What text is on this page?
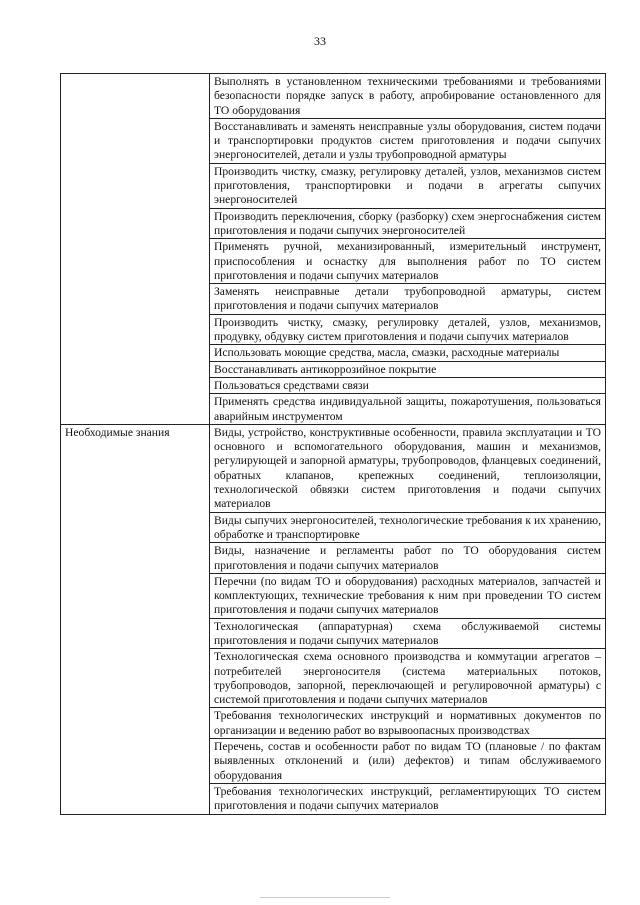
33
	Выполнять в установленном техническими требованиями и требованиями безопасности порядке запуск в работу, апробирование остановленного для ТО оборудования
	Восстанавливать и заменять неисправные узлы оборудования, систем подачи и транспортировки продуктов систем приготовления и подачи сыпучих энергоносителей, детали и узлы трубопроводной арматуры
	Производить чистку, смазку, регулировку деталей, узлов, механизмов систем приготовления, транспортировки и подачи в агрегаты сыпучих энергоносителей
	Производить переключения, сборку (разборку) схем энергоснабжения систем приготовления и подачи сыпучих энергоносителей
	Применять ручной, механизированный, измерительный инструмент, приспособления и оснастку для выполнения работ по ТО систем приготовления и подачи сыпучих материалов
	Заменять неисправные детали трубопроводной арматуры, систем приготовления и подачи сыпучих материалов
	Производить чистку, смазку, регулировку деталей, узлов, механизмов, продувку, обдувку систем приготовления и подачи сыпучих материалов
	Использовать моющие средства, масла, смазки, расходные материалы
	Восстанавливать антикоррозийное покрытие
	Пользоваться средствами связи
	Применять средства индивидуальной защиты, пожаротушения, пользоваться аварийным инструментом
Необходимые знания	Виды, устройство, конструктивные особенности, правила эксплуатации и ТО основного и вспомогательного оборудования, машин и механизмов, регулирующей и запорной арматуры, трубопроводов, фланцевых соединений, обратных клапанов, крепежных соединений, теплоизоляции, технологической обвязки систем приготовления и подачи сыпучих материалов
	Виды сыпучих энергоносителей, технологические требования к их хранению, обработке и транспортировке
	Виды, назначение и регламенты работ по ТО оборудования систем приготовления и подачи сыпучих материалов
	Перечни (по видам ТО и оборудования) расходных материалов, запчастей и комплектующих, технические требования к ним при проведении ТО систем приготовления и подачи сыпучих материалов
	Технологическая (аппаратурная) схема обслуживаемой системы приготовления и подачи сыпучих материалов
	Технологическая схема основного производства и коммутации агрегатов – потребителей энергоносителя (система материальных потоков, трубопроводов, запорной, переключающей и регулировочной арматуры) с системой приготовления и подачи сыпучих материалов
	Требования технологических инструкций и нормативных документов по организации и ведению работ во взрывоопасных производствах
	Перечень, состав и особенности работ по видам ТО (плановые / по фактам выявленных отклонений и (или) дефектов) и типам обслуживаемого оборудования
	Требования технологических инструкций, регламентирующих ТО систем приготовления и подачи сыпучих материалов
